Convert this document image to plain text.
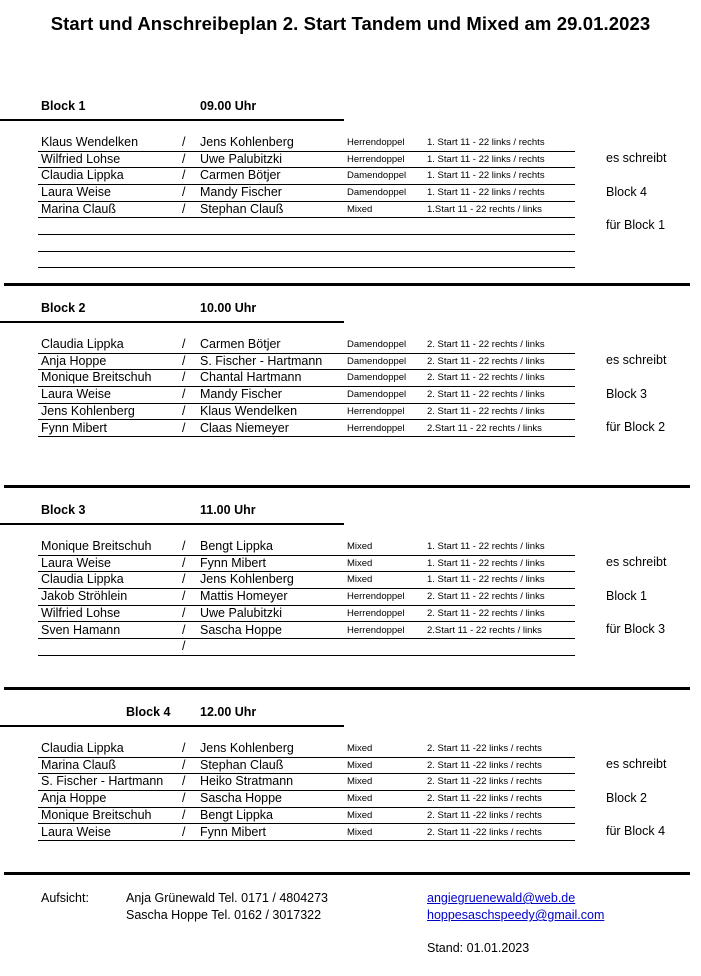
Start und Anschreibeplan 2. Start Tandem und Mixed am 29.01.2023
Block 1	09.00 Uhr
Klaus Wendelken	/ Jens Kohlenberg	Herrendoppel 1. Start 11 - 22 links / rechts
Wilfried Lohse	/ Uwe Palubitzki	Herrendoppel 1. Start 11 - 22 links / rechts
Claudia Lippka	/ Carmen Bötjer	Damendoppel 1. Start 11 - 22 links / rechts
Laura Weise	/ Mandy Fischer	Damendoppel 1. Start 11 - 22 links / rechts
Marina Clauß	/ Stephan Clauß	Mixed	1.Start 11 - 22 rechts / links
es schreibt
Block 4
für Block 1
Block 2	10.00 Uhr
Claudia Lippka	/ Carmen Bötjer	Damendoppel 2. Start 11 - 22 rechts / links
Anja Hoppe	/ S. Fischer - Hartmann	Damendoppel 2. Start 11 - 22 rechts / links
Monique Breitschuh / Chantal Hartmann	Damendoppel 2. Start 11 - 22 rechts / links
Laura Weise	/ Mandy Fischer	Damendoppel 2. Start 11 - 22 rechts / links
Jens Kohlenberg	/ Klaus Wendelken	Herrendoppel 2. Start 11 - 22 rechts / links
Fynn Mibert	/ Claas Niemeyer	Herrendoppel 2.Start 11 - 22 rechts / links
es schreibt
Block 3
für Block 2
Block 3	11.00 Uhr
Monique Breitschuh / Bengt Lippka	Mixed	1. Start 11 - 22 rechts / links
Laura Weise	/ Fynn Mibert	Mixed	1. Start 11 - 22 rechts / links
Claudia Lippka	/ Jens Kohlenberg	Mixed	1. Start 11 - 22 rechts / links
Jakob Ströhlein	/ Mattis Homeyer	Herrendoppel 2. Start 11 - 22 rechts / links
Wilfried Lohse	/ Uwe Palubitzki	Herrendoppel 2. Start 11 - 22 rechts / links
Sven Hamann	/ Sascha Hoppe	Herrendoppel 2.Start 11 - 22 rechts / links
/
es schreibt
Block 1
für Block 3
Block 4 12.00 Uhr
Claudia Lippka	/ Jens Kohlenberg	Mixed	2. Start 11 -22 links / rechts
Marina Clauß	/ Stephan Clauß	Mixed	2. Start 11 -22 links / rechts
S. Fischer - Hartmann / Heiko Stratmann	Mixed	2. Start 11 -22 links / rechts
Anja Hoppe	/ Sascha Hoppe	Mixed	2. Start 11 -22 links / rechts
Monique Breitschuh / Bengt Lippka	Mixed	2. Start 11 -22 links / rechts
Laura Weise	/ Fynn Mibert	Mixed	2. Start 11 -22 links / rechts
es schreibt
Block 2
für Block 4
Aufsicht:	Anja Grünewald Tel. 0171 / 4804273
Sascha Hoppe Tel. 0162 / 3017322
angiegruenewald@web.de
hoppesaschspeedy@gmail.com
Stand: 01.01.2023
